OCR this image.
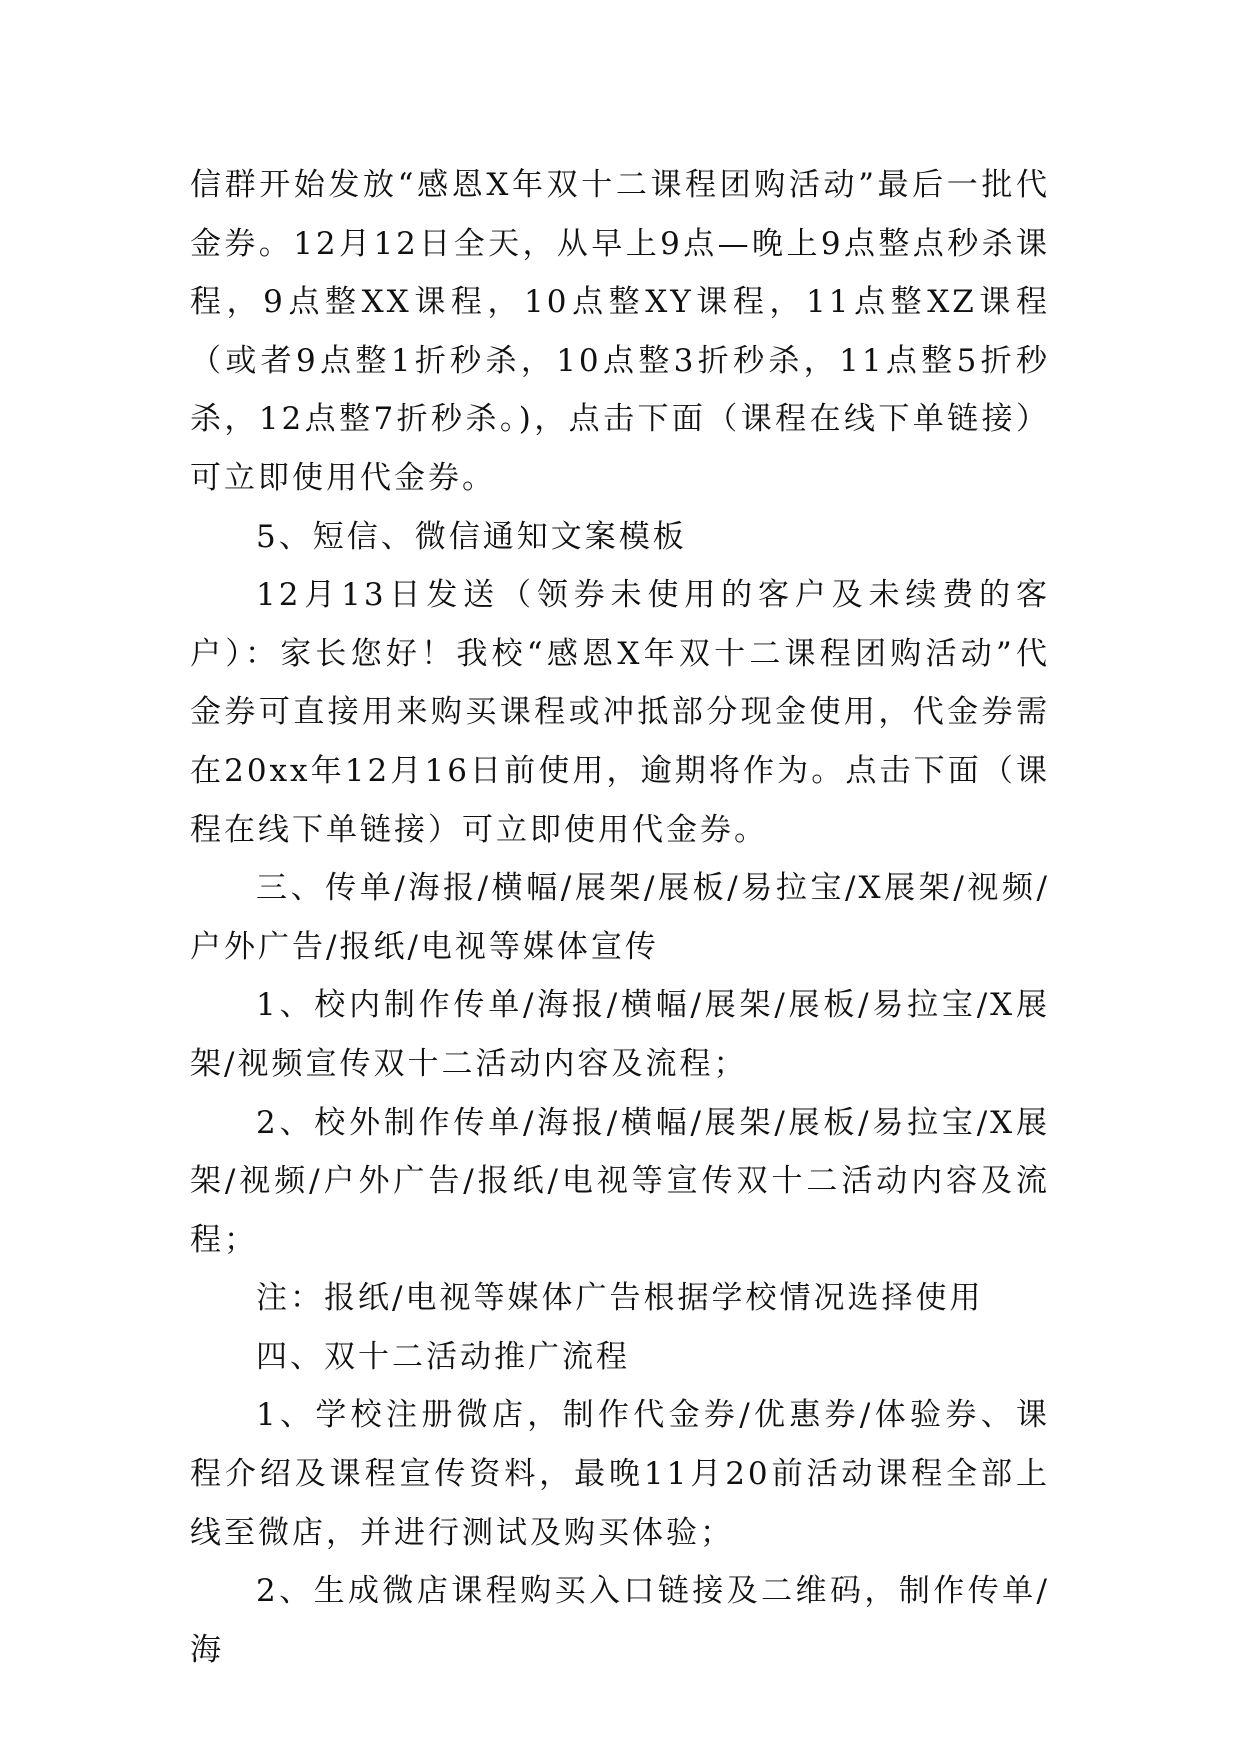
信群开始发放“感恩X年双十二课程团购活动”最后一批代金券。12月12日全天，从早上9点—晚上9点整点秒杀课程，9点整XX课程，10点整XY课程，11点整XZ课程（或者9点整1折秒杀，10点整3折秒杀，11点整5折秒杀，12点整7折秒杀。)，点击下面（课程在线下单链接）可立即使用代金券。

5、短信、微信通知文案模板

12月13日发送（领券未使用的客户及未续费的客户）：家长您好！我校“感恩X年双十二课程团购活动”代金券可直接用来购买课程或冲抵部分现金使用，代金券需在20xx年12月16日前使用，逾期将作为。点击下面（课程在线下单链接）可立即使用代金券。

三、传单/海报/横幅/展架/展板/易拉宝/X展架/视频/户外广告/报纸/电视等媒体宣传

1、校内制作传单/海报/横幅/展架/展板/易拉宝/X展架/视频宣传双十二活动内容及流程；

2、校外制作传单/海报/横幅/展架/展板/易拉宝/X展架/视频/户外广告/报纸/电视等宣传双十二活动内容及流程；

注：报纸/电视等媒体广告根据学校情况选择使用

四、双十二活动推广流程

1、学校注册微店，制作代金券/优惠券/体验券、课程介绍及课程宣传资料，最晚11月20前活动课程全部上线至微店，并进行测试及购买体验；

2、生成微店课程购买入口链接及二维码，制作传单/海
